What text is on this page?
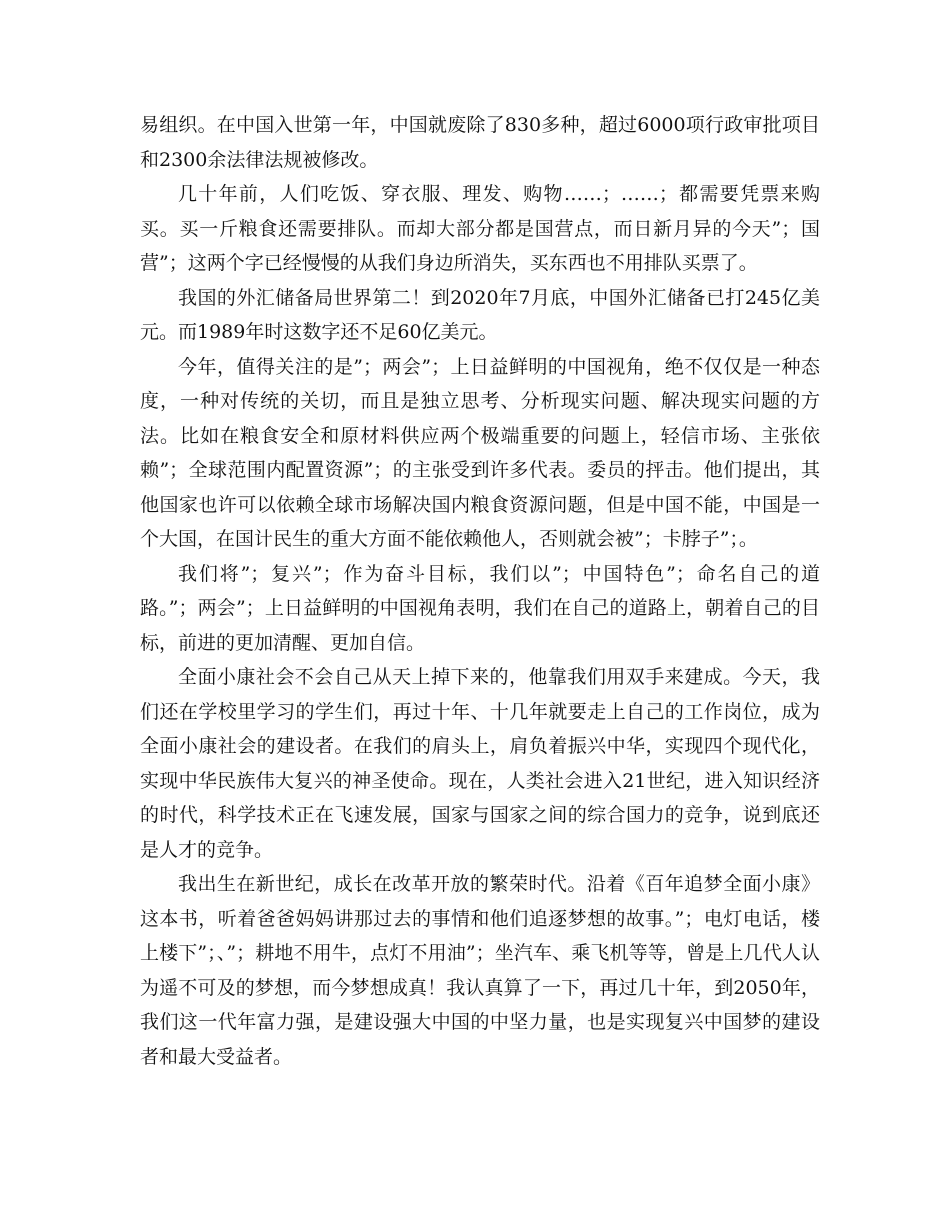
易组织。在中国入世第一年，中国就废除了830多种，超过6000项行政审批项目和2300余法律法规被修改。

几十年前，人们吃饭、穿衣服、理发、购物……；……；都需要凭票来购买。买一斤粮食还需要排队。而却大部分都是国营点，而日新月异的今天”；国营”；这两个字已经慢慢的从我们身边所消失，买东西也不用排队买票了。

我国的外汇储备局世界第二！到2020年7月底，中国外汇储备已打245亿美元。而1989年时这数字还不足60亿美元。

今年，值得关注的是”；两会”；上日益鲜明的中国视角，绝不仅仅是一种态度，一种对传统的关切，而且是独立思考、分析现实问题、解决现实问题的方法。比如在粮食安全和原材料供应两个极端重要的问题上，轻信市场、主张依赖”；全球范围内配置资源”；的主张受到许多代表。委员的抨击。他们提出，其他国家也许可以依赖全球市场解决国内粮食资源问题，但是中国不能，中国是一个大国，在国计民生的重大方面不能依赖他人，否则就会被”；卡脖子”；。

我们将”；复兴”；作为奋斗目标，我们以”；中国特色”；命名自己的道路。”；两会”；上日益鲜明的中国视角表明，我们在自己的道路上，朝着自己的目标，前进的更加清醒、更加自信。

全面小康社会不会自己从天上掉下来的，他靠我们用双手来建成。今天，我们还在学校里学习的学生们，再过十年、十几年就要走上自己的工作岗位，成为全面小康社会的建设者。在我们的肩头上，肩负着振兴中华，实现四个现代化，实现中华民族伟大复兴的神圣使命。现在，人类社会进入21世纪，进入知识经济的时代，科学技术正在飞速发展，国家与国家之间的综合国力的竞争，说到底还是人才的竞争。

我出生在新世纪，成长在改革开放的繁荣时代。沿着《百年追梦全面小康》这本书，听着爸爸妈妈讲那过去的事情和他们追逐梦想的故事。”；电灯电话，楼上楼下”；、”；耕地不用牛，点灯不用油”；坐汽车、乘飞机等等，曾是上几代人认为遥不可及的梦想，而今梦想成真！我认真算了一下，再过几十年，到2050年，我们这一代年富力强，是建设强大中国的中坚力量，也是实现复兴中国梦的建设者和最大受益者。
